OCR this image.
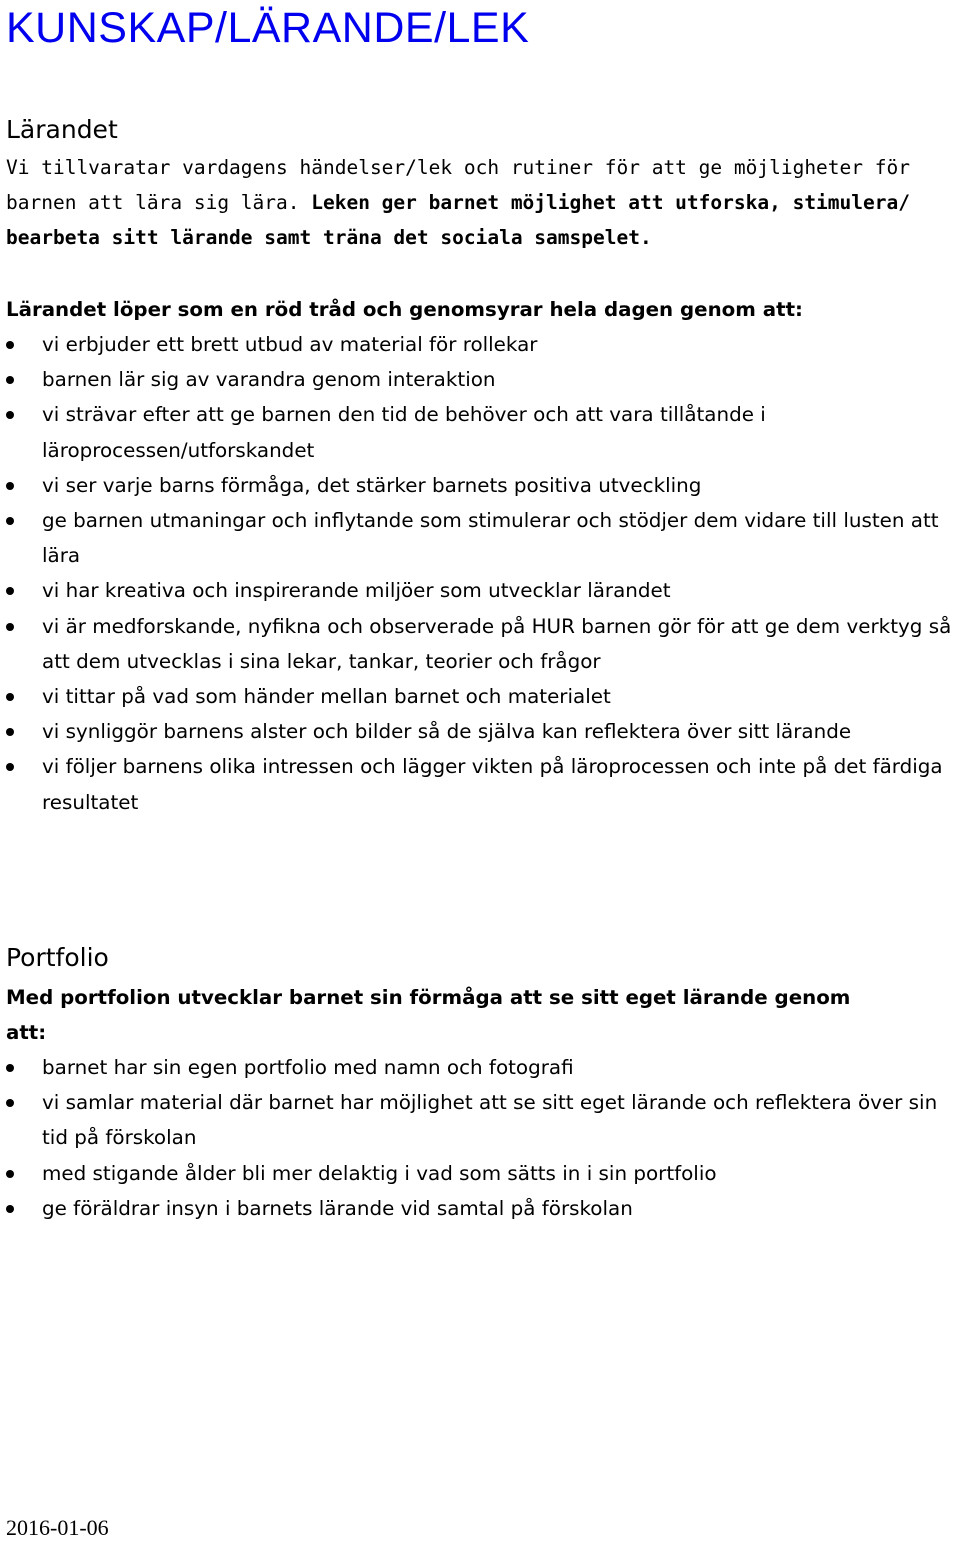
KUNSKAP/LÄRANDE/LEK
Lärandet
Vi tillvaratar vardagens händelser/lek och rutiner för att ge möjligheter för
barnen att lära sig lära. Leken ger barnet möjlighet att utforska, stimulera/
bearbeta sitt lärande samt träna det sociala samspelet.

Lärandet löper som en röd tråd och genomsyrar hela dagen genom att:

vi erbjuder ett brett utbud av material för rollekar
barnen lär sig av varandra genom interaktion
vi strävar efter att ge barnen den tid de behöver och att vara tillåtande i läroprocessen/utforskandet
vi ser varje barns förmåga, det stärker barnets positiva utveckling
ge barnen utmaningar och inflytande som stimulerar och stödjer dem vidare till lusten att lära
vi har kreativa och inspirerande miljöer som utvecklar lärandet
vi är medforskande, nyfikna och observerade på HUR barnen gör för att ge dem verktyg så att dem utvecklas i sina lekar, tankar, teorier och frågor
vi tittar på vad som händer mellan barnet och materialet
vi synliggör barnens alster och bilder så de själva kan reflektera över sitt lärande
vi följer barnens olika intressen och lägger vikten på läroprocessen och inte på det färdiga resultatet
Portfolio
Med portfolion utvecklar barnet sin förmåga att se sitt eget lärande genom
att:
barnet har sin egen portfolio med namn och fotografi
vi samlar material där barnet har möjlighet att se sitt eget lärande och reflektera över sin tid på förskolan
med stigande ålder bli mer delaktig i vad som sätts in i sin portfolio
ge föräldrar insyn i barnets lärande vid samtal på förskolan
2016-01-06
